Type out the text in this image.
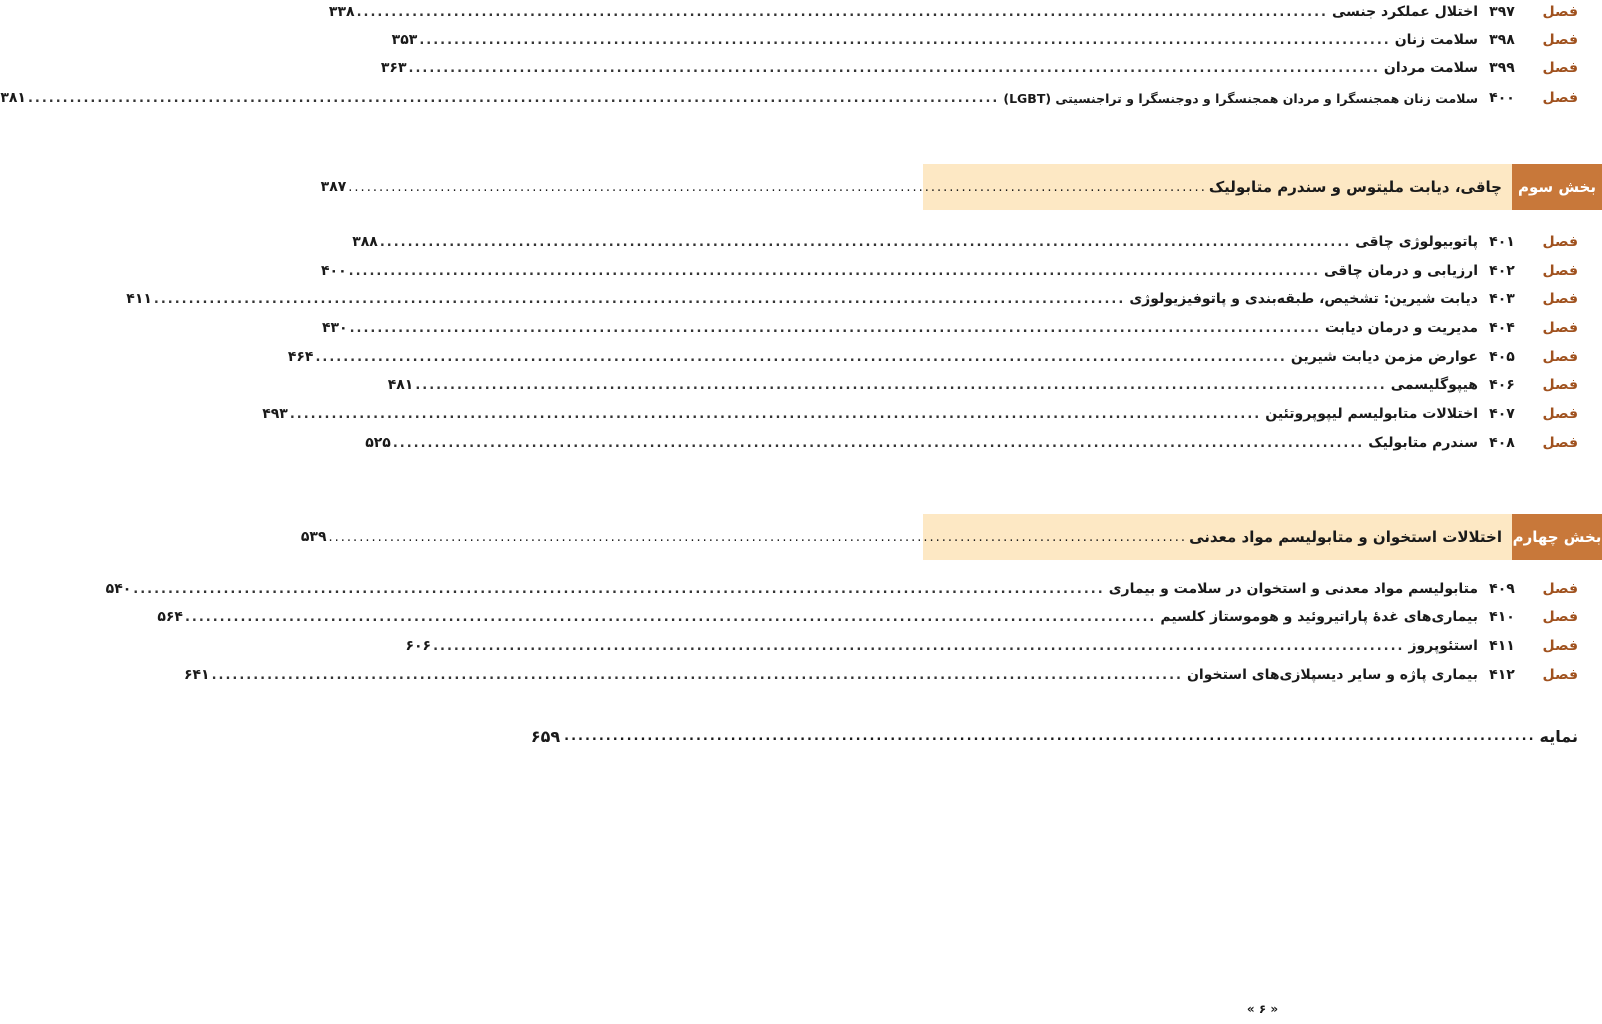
فصل
۳۹۷
اختلال عملکرد جنسی
............................................................................................................................................
۳۳۸
فصل
۳۹۸
سلامت زنان
............................................................................................................................................
۳۵۳
فصل
۳۹۹
سلامت مردان
............................................................................................................................................
۳۶۳
فصل
۴۰۰
سلامت زنان همجنسگرا و مردان همجنسگرا و دوجنسگرا و تراجنسیتی (LGBT)
............................................................................................................................................
۳۸۱
بخش سوم
چاقی، دیابت ملیتوس و سندرم متابولیک
............................................................................................................................................
۳۸۷
فصل
۴۰۱
پاتوبیولوژی چاقی
............................................................................................................................................
۳۸۸
فصل
۴۰۲
ارزیابی و درمان چاقی
............................................................................................................................................
۴۰۰
فصل
۴۰۳
دیابت شیرین: تشخیص، طبقه‌بندی و پاتوفیزیولوژی
............................................................................................................................................
۴۱۱
فصل
۴۰۴
مدیریت و درمان دیابت
............................................................................................................................................
۴۳۰
فصل
۴۰۵
عوارض مزمن دیابت شیرین
............................................................................................................................................
۴۶۴
فصل
۴۰۶
هیپوگلیسمی
............................................................................................................................................
۴۸۱
فصل
۴۰۷
اختلالات متابولیسم لیپوپروتئین
............................................................................................................................................
۴۹۳
فصل
۴۰۸
سندرم متابولیک
............................................................................................................................................
۵۲۵
بخش چهارم
اختلالات استخوان و متابولیسم مواد معدنی
............................................................................................................................................
۵۳۹
فصل
۴۰۹
متابولیسم مواد معدنی و استخوان در سلامت و بیماری
............................................................................................................................................
۵۴۰
فصل
۴۱۰
بیماری‌های غدهٔ پاراتیروئید و هوموستاز کلسیم
............................................................................................................................................
۵۶۴
فصل
۴۱۱
استئوپروز
............................................................................................................................................
۶۰۶
فصل
۴۱۲
بیماری پاژه و سایر دیسپلازی‌های استخوان
............................................................................................................................................
۶۴۱
نمایه
............................................................................................................................................
۶۵۹
« ۶ »
